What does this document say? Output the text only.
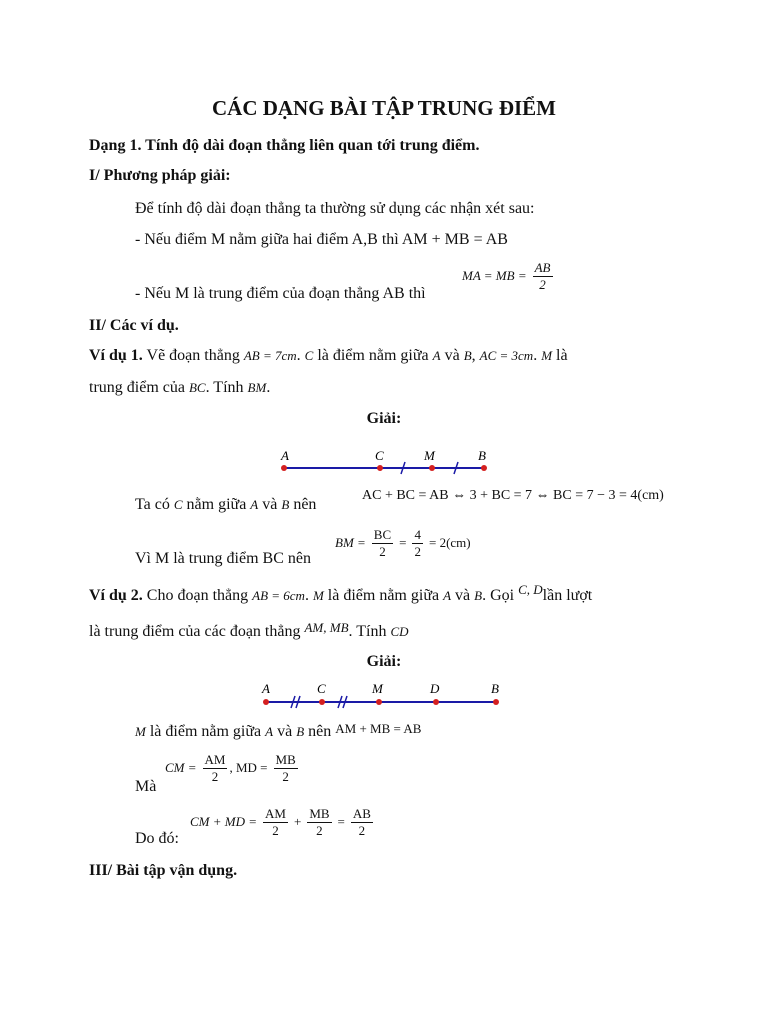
CÁC DẠNG BÀI TẬP TRUNG ĐIỂM
Dạng 1. Tính độ dài đoạn thẳng liên quan tới trung điểm.
I/ Phương pháp giải:
Để tính độ dài đoạn thẳng ta thường sử dụng các nhận xét sau:
- Nếu điểm M nằm giữa hai điểm A,B thì AM + MB = AB
- Nếu M là trung điểm của đoạn thẳng AB thì
MA = MB = $\frac{AB}{2}$
II/ Các ví dụ.
Ví dụ 1. Vẽ đoạn thẳng AB = 7cm. C là điểm nằm giữa A và B, AC = 3cm. M là
trung điểm của BC. Tính BM.
Giải:
A	C	M	B
Ta có C nằm giữa A và B nên
AC + BC = AB ⇔ 3 + BC = 7 ⇔ BC = 7 − 3 = 4(cm)
Vì M là trung điểm BC nên
BM = $\frac{BC}{2} = \frac{4}{2} = 2(cm)$
Ví dụ 2. Cho đoạn thẳng AB = 6cm. M là điểm nằm giữa A và B. Gọi $^{C, D}$lần lượt
là trung điểm của các đoạn thẳng $^{AM, MB}$. Tính CD
Giải:
A	C	M	D	B
M là điểm nằm giữa A và B nên AM + MB = AB
Mà
CM = $\frac{AM}{2}$ , MD = $\frac{MB}{2}$
Do đó:
CM + MD = $\frac{AM}{2} + \frac{MB}{2} = \frac{AB}{2}$
III/ Bài tập vận dụng.
